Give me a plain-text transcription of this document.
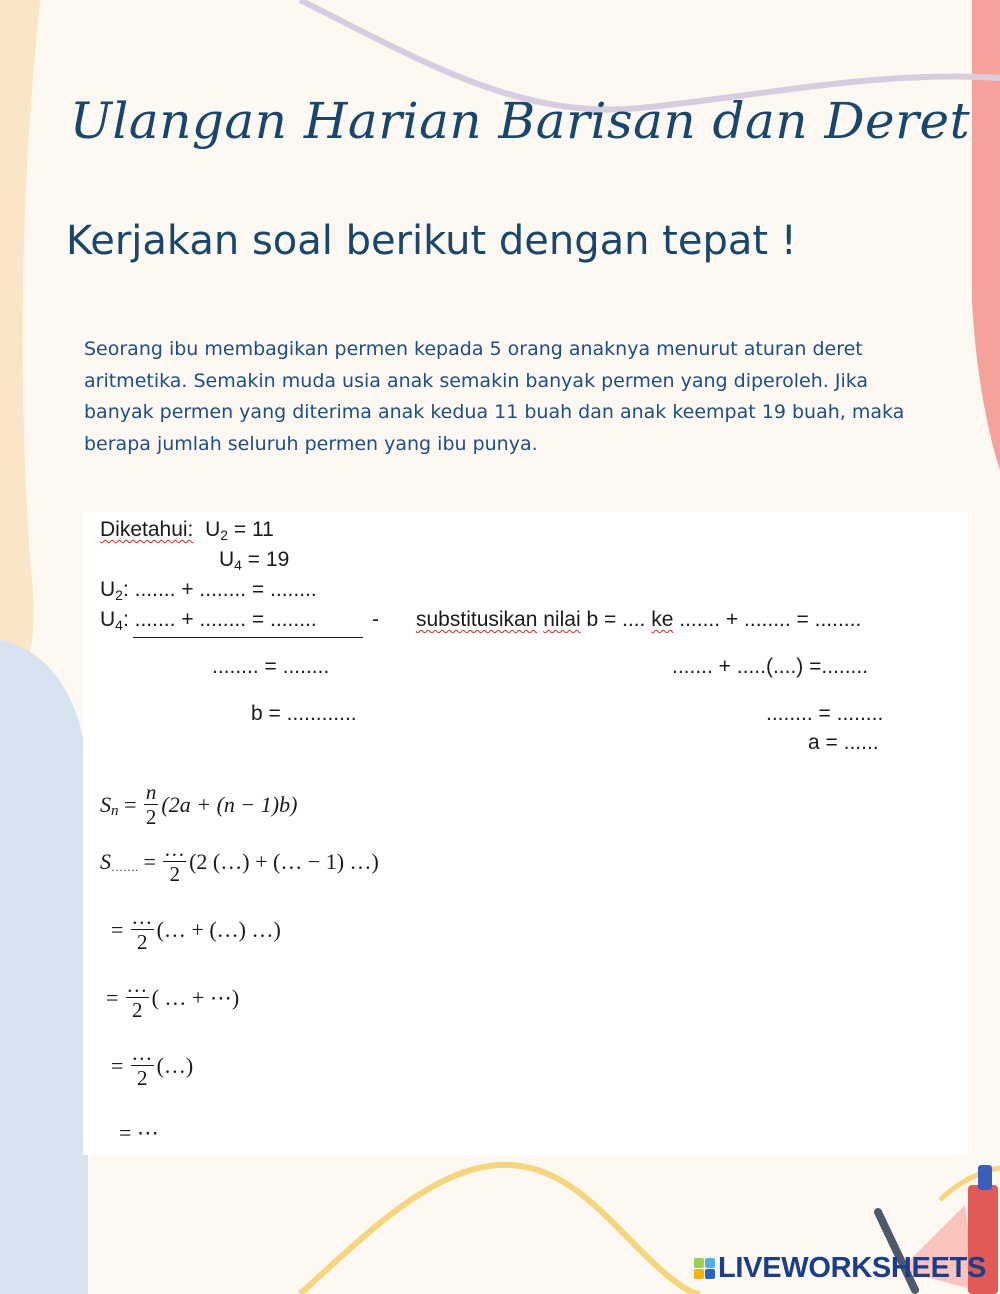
Ulangan Harian Barisan dan Deret
Kerjakan soal berikut dengan tepat !

Seorang ibu membagikan permen kepada 5 orang anaknya menurut aturan deret aritmetika. Semakin muda usia anak semakin banyak permen yang diperoleh. Jika banyak permen yang diterima anak kedua 11 buah dan anak keempat 19 buah, maka berapa jumlah seluruh permen yang ibu punya.

Diketahui: $U_2 = 11$
$U_4 = 19$
$U_2$: ....... + ........ = ........
$U_4$: ....... + ........ = ........	- substitusikan nilai b = .... ke ....... + ........ = ........
........ = ........
b = ............
....... + .....(....) =........
........ = ........
a = ......
S $n = \frac{n}{2} (2a + (n - 1)b)$
S ……. = $\frac{\dots}{2} (2$ (…) + (… − 1) …)
= $\frac{\dots}{2}$ (… + (…) …)
= $\frac{\dots}{2}$ ( … + ⋯)
= $\frac{\dots}{2}$ (…)
= ⋯
LIVEWORKSHEETS
